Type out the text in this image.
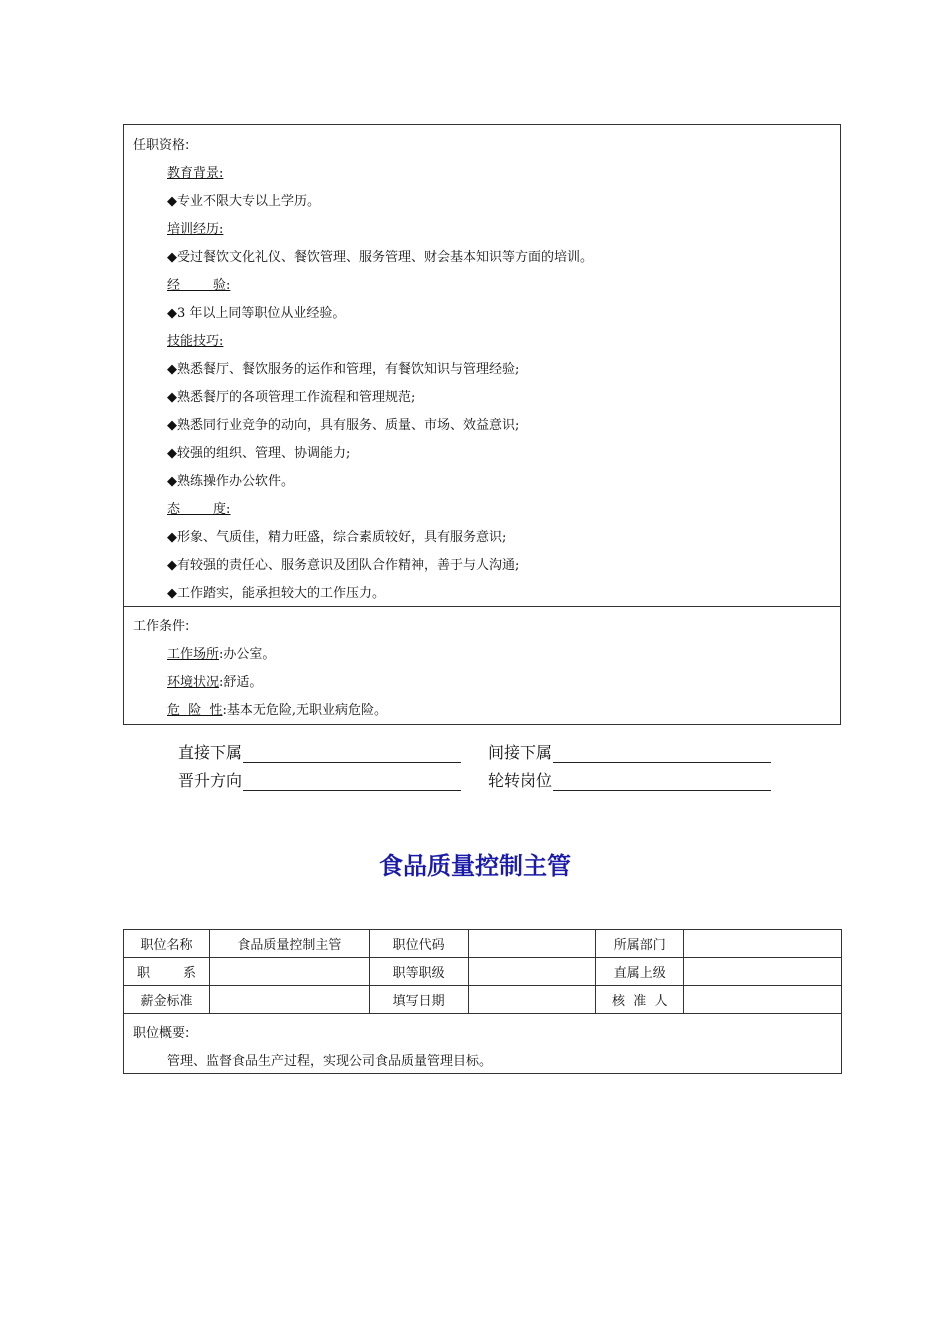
任职资格:
教育背景:
◆专业不限大专以上学历。
培训经历:
◆受过餐饮文化礼仪、餐饮管理、服务管理、财会基本知识等方面的培训。
经        验:
◆3 年以上同等职位从业经验。
技能技巧:
◆熟悉餐厅、餐饮服务的运作和管理，有餐饮知识与管理经验;
◆熟悉餐厅的各项管理工作流程和管理规范;
◆熟悉同行业竞争的动向，具有服务、质量、市场、效益意识;
◆较强的组织、管理、协调能力;
◆熟练操作办公软件。
态        度:
◆形象、气质佳，精力旺盛，综合素质较好，具有服务意识;
◆有较强的责任心、服务意识及团队合作精神，善于与人沟通;
◆工作踏实，能承担较大的工作压力。
工作条件:
工作场所:办公室。
环境状况:舒适。
危  险  性:基本无危险,无职业病危险。
直接下属	间接下属
晋升方向	轮转岗位
食品质量控制主管
职位名称	食品质量控制主管	职位代码		所属部门	
职        系		职等职级		直属上级	
薪金标准		填写日期		核  准  人	

职位概要:
管理、监督食品生产过程，实现公司食品质量管理目标。					
